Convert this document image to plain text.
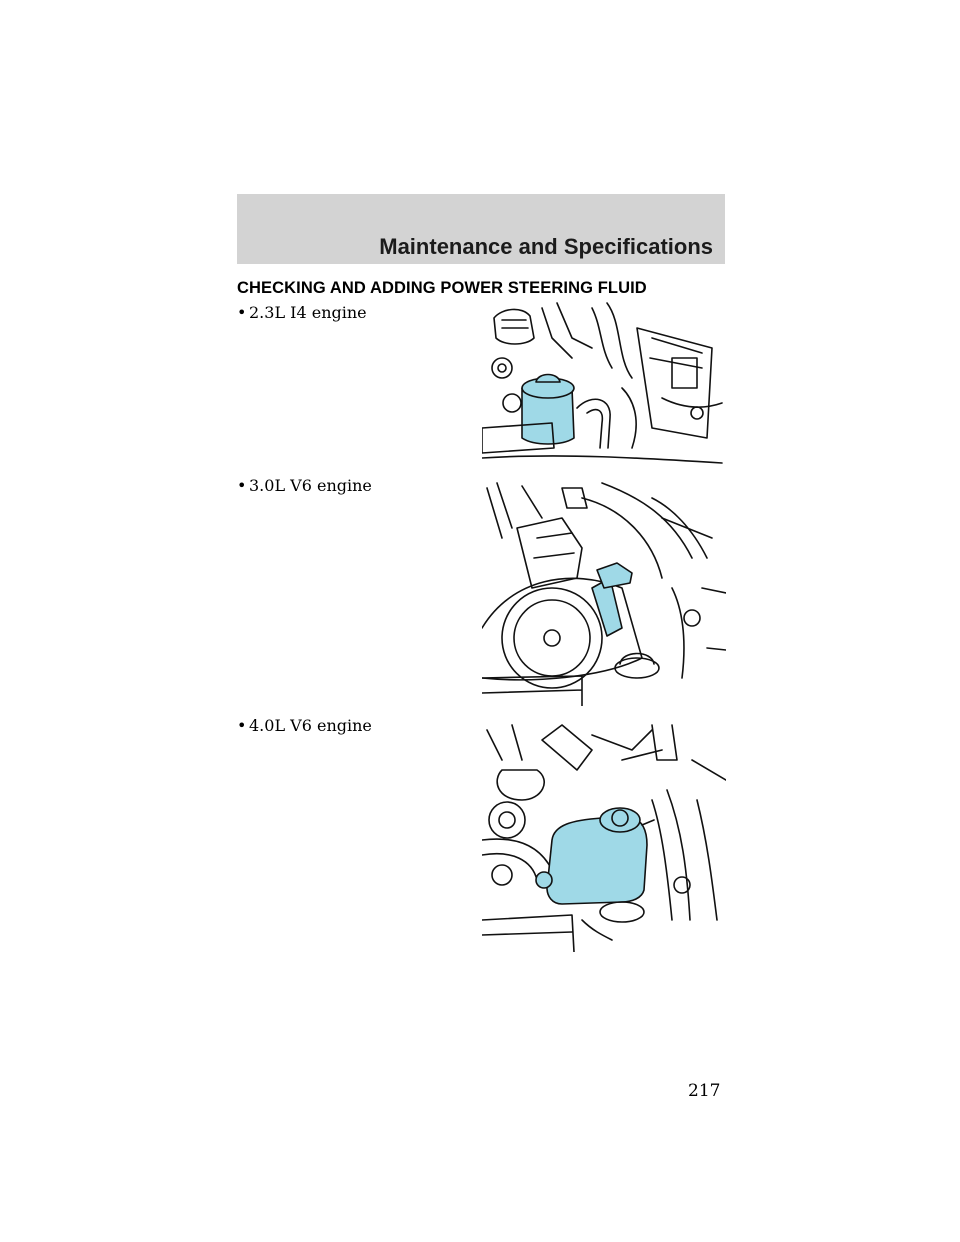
Maintenance and Specifications
CHECKING AND ADDING POWER STEERING FLUID
• 2.3L I4 engine
• 3.0L V6 engine
• 4.0L V6 engine
217
